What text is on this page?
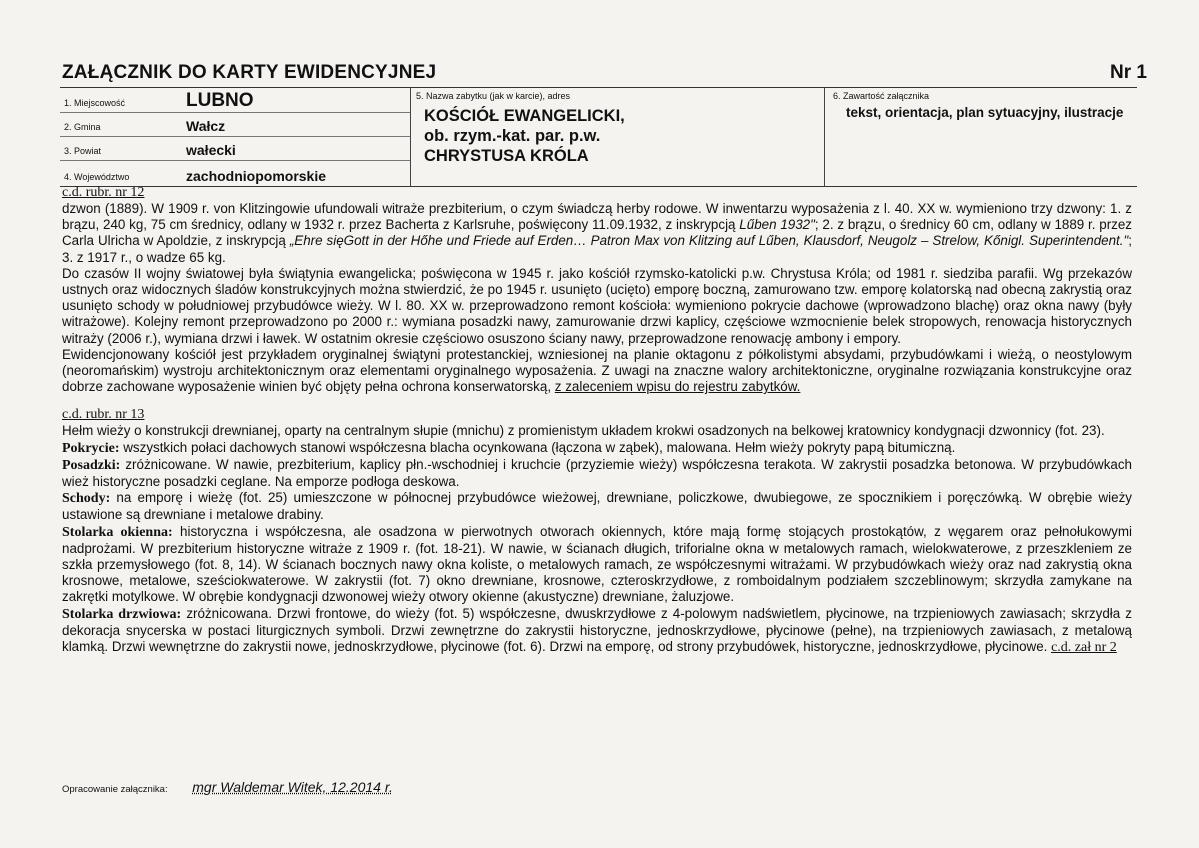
ZAŁĄCZNIK DO KARTY EWIDENCYJNEJ	Nr 1
1. Miejscowość	LUBNO
2. Gmina	Wałcz
3. Powiat	wałecki
4. Województwo	zachodniopomorskie
5. Nazwa zabytku (jak w karcie), adres
KOŚCIÓŁ EWANGELICKI,
ob. rzym.-kat. par. p.w.
CHRYSTUSA KRÓLA
6. Zawartość załącznika
tekst, orientacja, plan sytuacyjny, ilustracje
c.d. rubr. nr 12

dzwon (1889). W 1909 r. von Klitzingowie ufundowali witraże prezbiterium, o czym świadczą herby rodowe. W inwentarzu wyposażenia z l. 40. XX w. wymieniono trzy dzwony: 1. z brązu, 240 kg, 75 cm średnicy, odlany w 1932 r. przez Bacherta z Karlsruhe, poświęcony 11.09.1932, z inskrypcją Lűben 1932"; 2. z brązu, o średnicy 60 cm, odlany w 1889 r. przez Carla Ulricha w Apoldzie, z inskrypcją „Ehre sięGott in der Hőhe und Friede auf Erden… Patron Max von Klitzing auf Lűben, Klausdorf, Neugolz – Strelow, Kőnigl. Superintendent."; 3. z 1917 r., o wadze 65 kg.

Do czasów II wojny światowej była świątynia ewangelicka; poświęcona w 1945 r. jako kościół rzymsko-katolicki p.w. Chrystusa Króla; od 1981 r. siedziba parafii. Wg przekazów ustnych oraz widocznych śladów konstrukcyjnych można stwierdzić, że po 1945 r. usunięto (ucięto) emporę boczną, zamurowano tzw. emporę kolatorską nad obecną zakrystią oraz usunięto schody w południowej przybudówce wieży. W l. 80. XX w. przeprowadzono remont kościoła: wymieniono pokrycie dachowe (wprowadzono blachę) oraz okna nawy (były witrażowe). Kolejny remont przeprowadzono po 2000 r.: wymiana posadzki nawy, zamurowanie drzwi kaplicy, częściowe wzmocnienie belek stropowych, renowacja historycznych witraży (2006 r.), wymiana drzwi i ławek. W ostatnim okresie częściowo osuszono ściany nawy, przeprowadzone renowację ambony i empory.

Ewidencjonowany kościół jest przykładem oryginalnej świątyni protestanckiej, wzniesionej na planie oktagonu z półkolistymi absydami, przybudówkami i wieżą, o neostylowym (neoromańskim) wystroju architektonicznym oraz elementami oryginalnego wyposażenia. Z uwagi na znaczne walory architektoniczne, oryginalne rozwiązania konstrukcyjne oraz dobrze zachowane wyposażenie winien być objęty pełna ochrona konserwatorską, z zaleceniem wpisu do rejestru zabytków.

c.d. rubr. nr 13

Hełm wieży o konstrukcji drewnianej, oparty na centralnym słupie (mnichu) z promienistym układem krokwi osadzonych na belkowej kratownicy kondygnacji dzwonnicy (fot. 23).

Pokrycie: wszystkich połaci dachowych stanowi współczesna blacha ocynkowana (łączona w ząbek), malowana. Hełm wieży pokryty papą bitumiczną.

Posadzki: zróżnicowane. W nawie, prezbiterium, kaplicy płn.-wschodniej i kruchcie (przyziemie wieży) współczesna terakota. W zakrystii posadzka betonowa. W przybudówkach wież historyczne posadzki ceglane. Na emporze podłoga deskowa.

Schody: na emporę i wieżę (fot. 25) umieszczone w północnej przybudówce wieżowej, drewniane, policzkowe, dwubiegowe, ze spocznikiem i poręczówką. W obrębie wieży ustawione są drewniane i metalowe drabiny.

Stolarka okienna: historyczna i współczesna, ale osadzona w pierwotnych otworach okiennych, które mają formę stojących prostokątów, z węgarem oraz pełnołukowymi nadprożami. W prezbiterium historyczne witraże z 1909 r. (fot. 18-21). W nawie, w ścianach długich, triforialne okna w metalowych ramach, wielokwaterowe, z przeszkleniem ze szkła przemysłowego (fot. 8, 14). W ścianach bocznych nawy okna koliste, o metalowych ramach, ze współczesnymi witrażami. W przybudówkach wieży oraz nad zakrystią okna krosnowe, metalowe, sześciokwaterowe. W zakrystii (fot. 7) okno drewniane, krosnowe, czteroskrzydłowe, z romboidalnym podziałem szczeblinowym; skrzydła zamykane na zakrętki motylkowe. W obrębie kondygnacji dzwonowej wieży otwory okienne (akustyczne) drewniane, żaluzjowe.

Stolarka drzwiowa: zróżnicowana. Drzwi frontowe, do wieży (fot. 5) współczesne, dwuskrzydłowe z 4-polowym nadświetlem, płycinowe, na trzpieniowych zawiasach; skrzydła z dekoracja snycerska w postaci liturgicznych symboli. Drzwi zewnętrzne do zakrystii historyczne, jednoskrzydłowe, płycinowe (pełne), na trzpieniowych zawiasach, z metalową klamką. Drzwi wewnętrzne do zakrystii nowe, jednoskrzydłowe, płycinowe (fot. 6). Drzwi na emporę, od strony przybudówek, historyczne, jednoskrzydłowe, płycinowe. c.d. zał nr 2

Opracowanie załącznika: mgr Waldemar Witek, 12.2014 r.
